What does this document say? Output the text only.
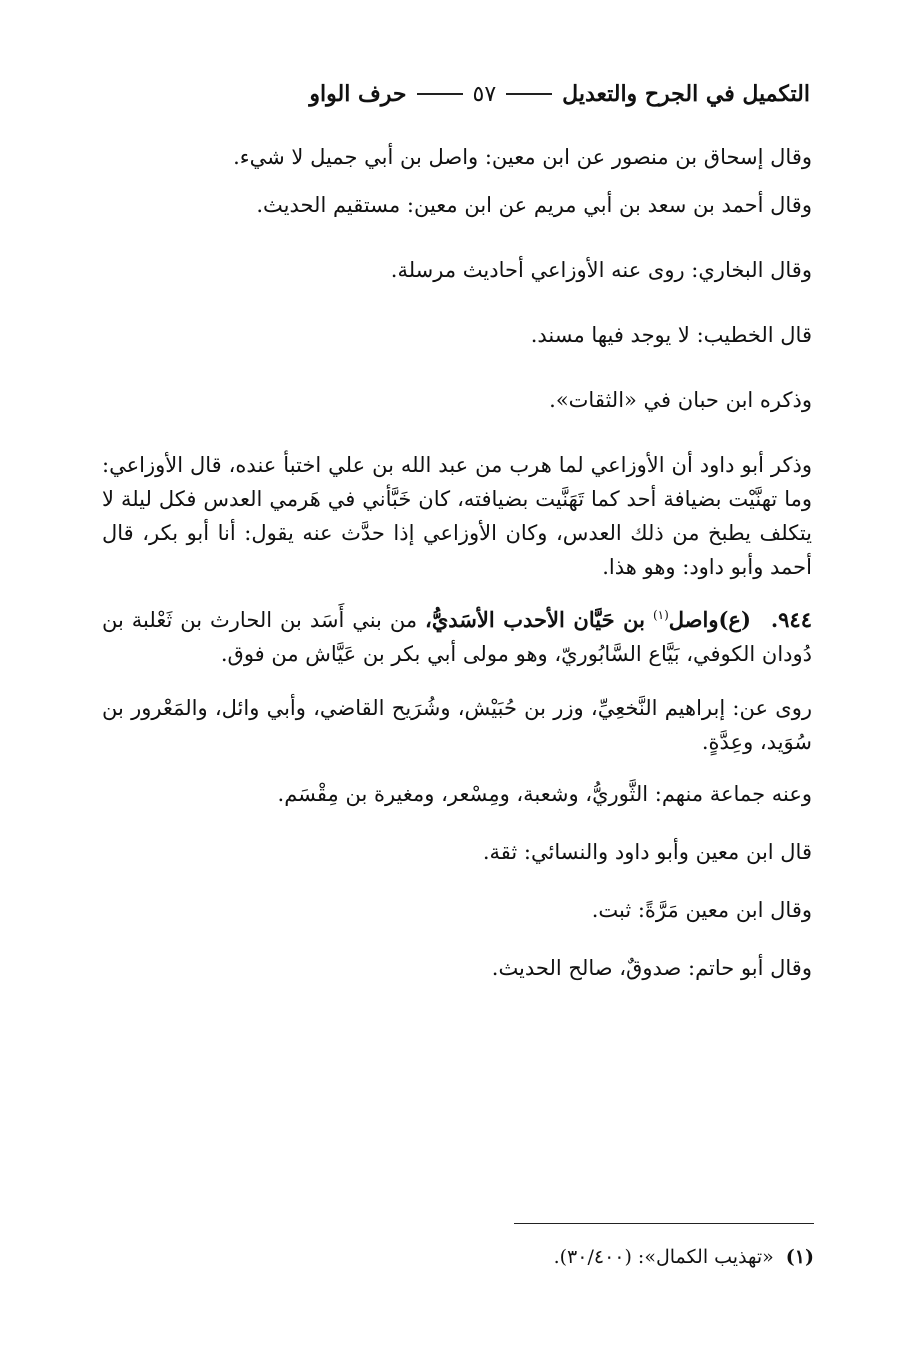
التكميل في الجرح والتعديل
٥٧
حرف الواو

وقال إسحاق بن منصور عن ابن معين: واصل بن أبي جميل لا شيء.

وقال أحمد بن سعد بن أبي مريم عن ابن معين: مستقيم الحديث.

وقال البخاري: روى عنه الأوزاعي أحاديث مرسلة.

قال الخطيب: لا يوجد فيها مسند.

وذكره ابن حبان في «الثقات».

وذكر أبو داود أن الأوزاعي لما هرب من عبد الله بن علي اختبأ عنده، قال الأوزاعي: وما تهنَّيْت بضيافة أحد كما تَهَنَّيت بضيافته، كان خَبَّأني في هَرمي العدس فكل ليلة لا يتكلف يطبخ من ذلك العدس، وكان الأوزاعي إذا حدَّث عنه يقول: أنا أبو بكر، قال أحمد وأبو داود: وهو هذا.

٩٤٤. (ع)واصل$^{(١)}$ بن حَيَّان الأحدب الأسَديُّ، من بني أَسَد بن الحارث بن ثَعْلبة بن دُودان الكوفي، بَيَّاع السَّابُوريّ، وهو مولى أبي بكر بن عَيَّاش من فوق.

روى عن: إبراهيم النَّخعِيِّ، وزر بن حُبَيْش، وشُرَيح القاضي، وأبي وائل، والمَعْرور بن سُوَيد، وعِدَّةٍ.

وعنه جماعة منهم: الثَّوريُّ، وشعبة، ومِسْعر، ومغيرة بن مِقْسَم.

قال ابن معين وأبو داود والنسائي: ثقة.

وقال ابن معين مَرَّةً: ثبت.

وقال أبو حاتم: صدوقٌ، صالح الحديث.

(١) «تهذيب الكمال»: (٣٠/٤٠٠).
